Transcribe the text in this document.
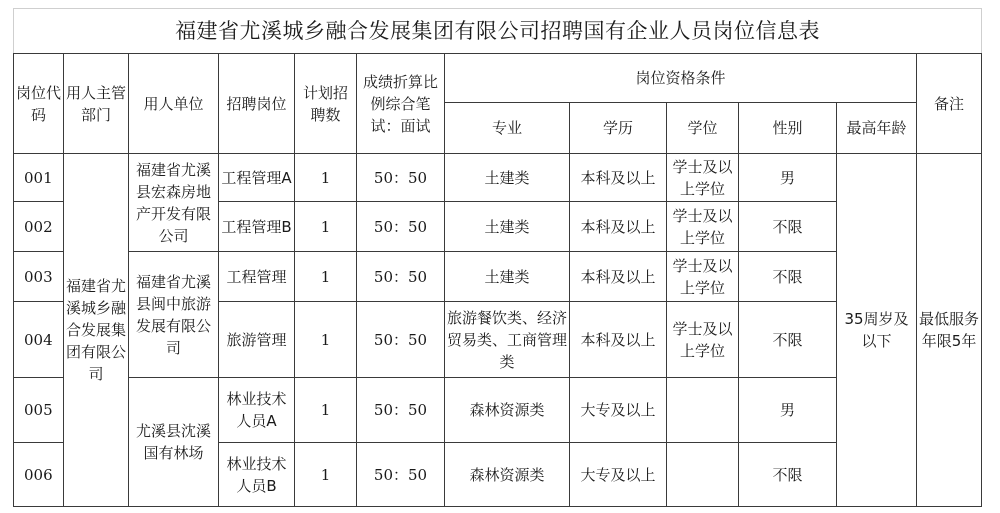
福建省尤溪城乡融合发展集团有限公司招聘国有企业人员岗位信息表											
岗位代码	用人主管部门	用人单位	招聘岗位	计划招聘数	成绩折算比例综合笔试：面试	岗位资格条件					备注
						专业	学历	学位	性别	最高年龄	
001	福建省尤溪城乡融合发展集团有限公司	福建省尤溪县宏森房地产开发有限公司	工程管理A	1	50：50	土建类	本科及以上	学士及以上学位	男	35周岁及以下	最低服务年限5年
002			工程管理B	1	50：50	土建类	本科及以上	学士及以上学位	不限		
003		福建省尤溪县闽中旅游发展有限公司	工程管理	1	50：50	土建类	本科及以上	学士及以上学位	不限		
004			旅游管理	1	50：50	旅游餐饮类、经济贸易类、工商管理类	本科及以上	学士及以上学位	不限		
005		尤溪县沈溪国有林场	林业技术人员A	1	50：50	森林资源类	大专及以上		男		
006			林业技术人员B	1	50：50	森林资源类	大专及以上		不限		
